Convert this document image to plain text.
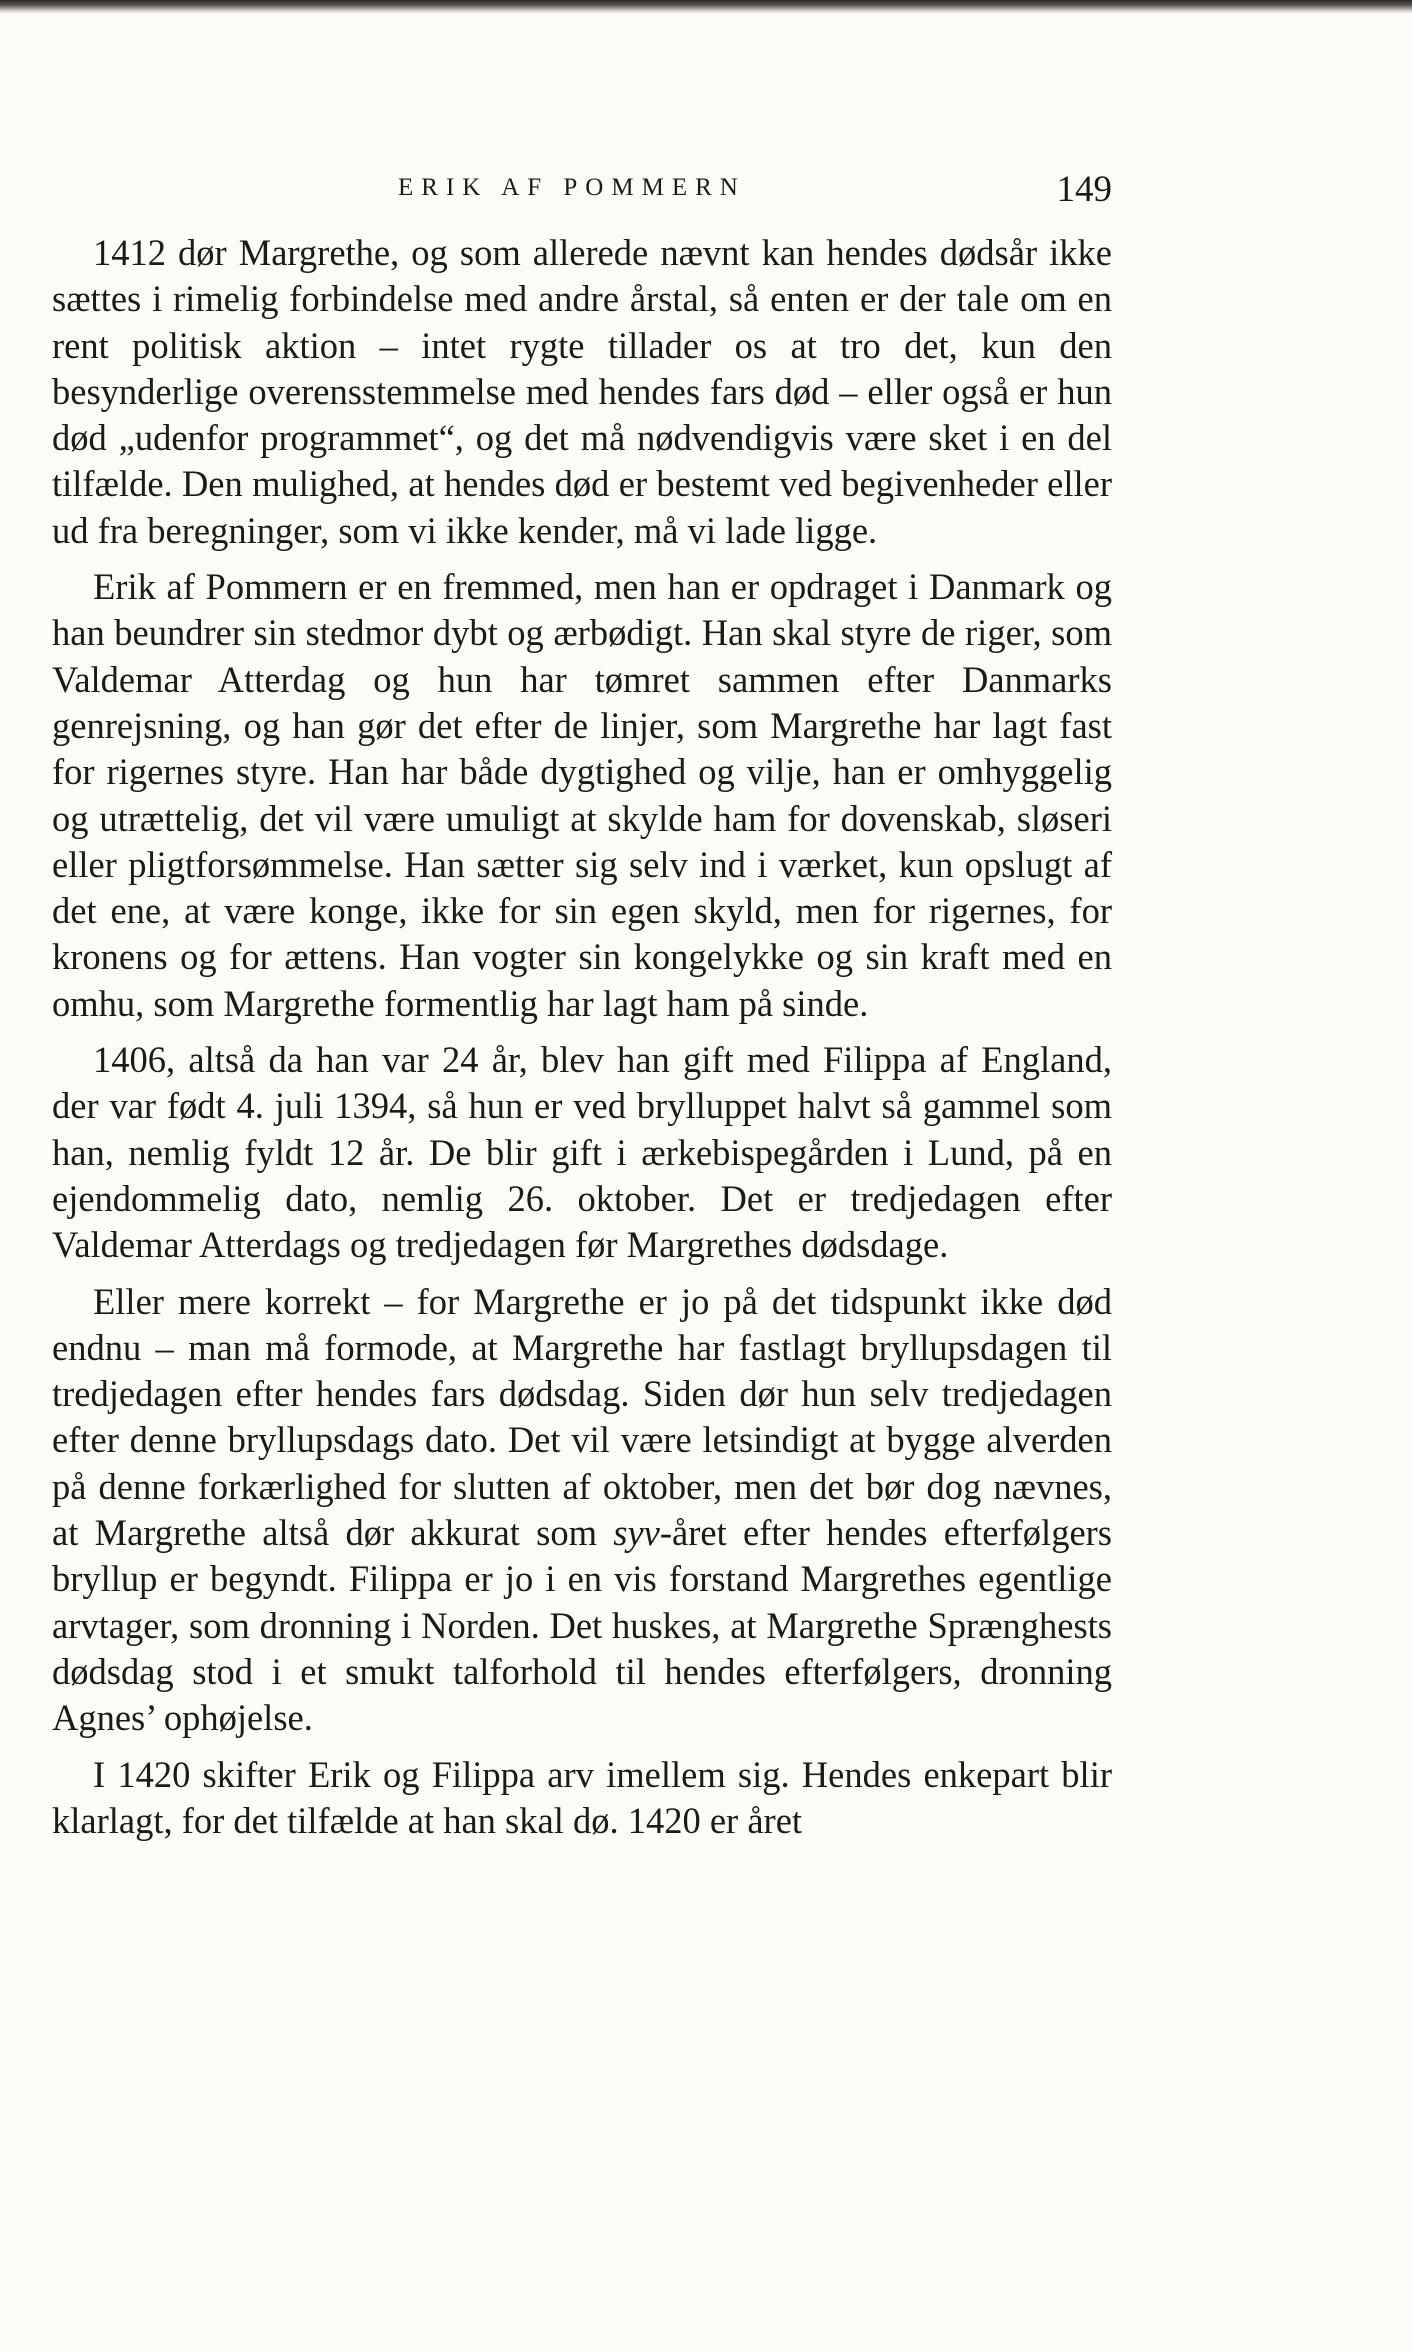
ERIK AF POMMERN	149

1412 dør Margrethe, og som allerede nævnt kan hendes dødsår ikke sættes i rimelig forbindelse med andre årstal, så enten er der tale om en rent politisk aktion – intet rygte tillader os at tro det, kun den besynderlige overensstemmelse med hendes fars død – eller også er hun død „udenfor programmet“, og det må nødvendigvis være sket i en del tilfælde. Den mulighed, at hendes død er bestemt ved begivenheder eller ud fra beregninger, som vi ikke kender, må vi lade ligge.

Erik af Pommern er en fremmed, men han er opdraget i Danmark og han beundrer sin stedmor dybt og ærbødigt. Han skal styre de riger, som Valdemar Atterdag og hun har tømret sammen efter Danmarks genrejsning, og han gør det efter de linjer, som Margrethe har lagt fast for rigernes styre. Han har både dygtighed og vilje, han er omhyggelig og utrættelig, det vil være umuligt at skylde ham for dovenskab, sløseri eller pligtforsømmelse. Han sætter sig selv ind i værket, kun opslugt af det ene, at være konge, ikke for sin egen skyld, men for rigernes, for kronens og for ættens. Han vogter sin kongelykke og sin kraft med en omhu, som Margrethe formentlig har lagt ham på sinde.

1406, altså da han var 24 år, blev han gift med Filippa af England, der var født 4. juli 1394, så hun er ved brylluppet halvt så gammel som han, nemlig fyldt 12 år. De blir gift i ærkebispegården i Lund, på en ejendommelig dato, nemlig 26. oktober. Det er tredjedagen efter Valdemar Atterdags og tredjedagen før Margrethes dødsdage.

Eller mere korrekt – for Margrethe er jo på det tidspunkt ikke død endnu – man må formode, at Margrethe har fastlagt bryllupsdagen til tredjedagen efter hendes fars dødsdag. Siden dør hun selv tredjedagen efter denne bryllupsdags dato. Det vil være letsindigt at bygge alverden på denne forkærlighed for slutten af oktober, men det bør dog nævnes, at Margrethe altså dør akkurat som syv-året efter hendes efterfølgers bryllup er begyndt. Filippa er jo i en vis forstand Margrethes egentlige arvtager, som dronning i Norden. Det huskes, at Margrethe Sprænghests dødsdag stod i et smukt talforhold til hendes efterfølgers, dronning Agnes’ ophøjelse.

I 1420 skifter Erik og Filippa arv imellem sig. Hendes enkepart blir klarlagt, for det tilfælde at han skal dø. 1420 er året
